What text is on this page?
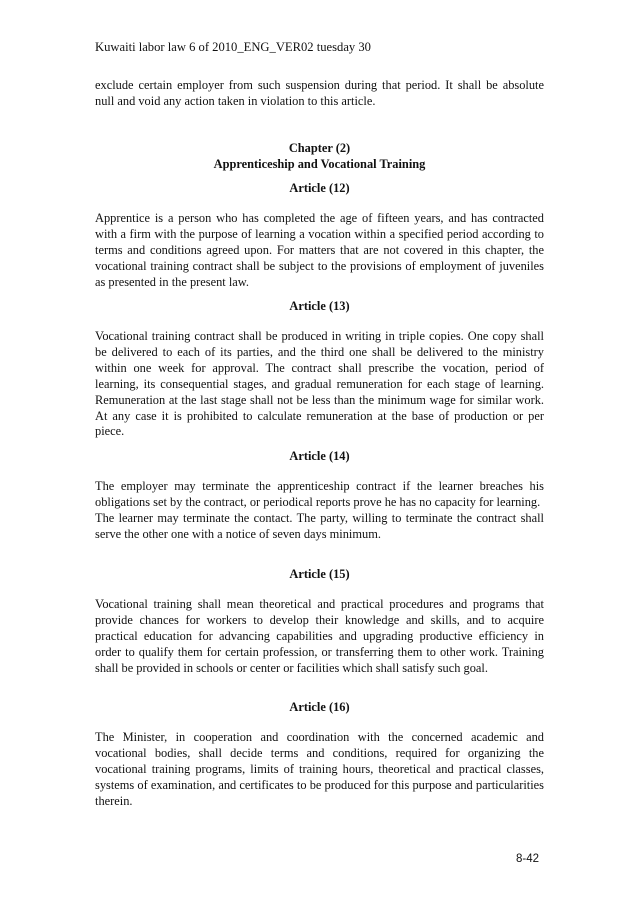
Kuwaiti labor law 6 of 2010_ENG_VER02 tuesday 30

exclude certain employer from such suspension during that period. It shall be absolute null and void any action taken in violation to this article.

Chapter (2)
Apprenticeship and Vocational Training
Article (12)

Apprentice is a person who has completed the age of fifteen years, and has contracted with a firm with the purpose of learning a vocation within a specified period according to terms and conditions agreed upon. For matters that are not covered in this chapter, the vocational training contract shall be subject to the provisions of employment of juveniles as presented in the present law.

Article (13)

Vocational training contract shall be produced in writing in triple copies. One copy shall be delivered to each of its parties, and the third one shall be delivered to the ministry within one week for approval. The contract shall prescribe the vocation, period of learning, its consequential stages, and gradual remuneration for each stage of learning. Remuneration at the last stage shall not be less than the minimum wage for similar work. At any case it is prohibited to calculate remuneration at the base of production or per piece.

Article (14)
The employer may terminate the apprenticeship contract if the learner breaches his obligations set by the contract, or periodical reports prove he has no capacity for learning.
The learner may terminate the contact. The party, willing to terminate the contract shall serve the other one with a notice of seven days minimum.
Article (15)

Vocational training shall mean theoretical and practical procedures and programs that provide chances for workers to develop their knowledge and skills, and to acquire practical education for advancing capabilities and upgrading productive efficiency in order to qualify them for certain profession, or transferring them to other work. Training shall be provided in schools or center or facilities which shall satisfy such goal.

Article (16)

The Minister, in cooperation and coordination with the concerned academic and vocational bodies, shall decide terms and conditions, required for organizing the vocational training programs, limits of training hours, theoretical and practical classes, systems of examination, and certificates to be produced for this purpose and particularities therein.

8-42
